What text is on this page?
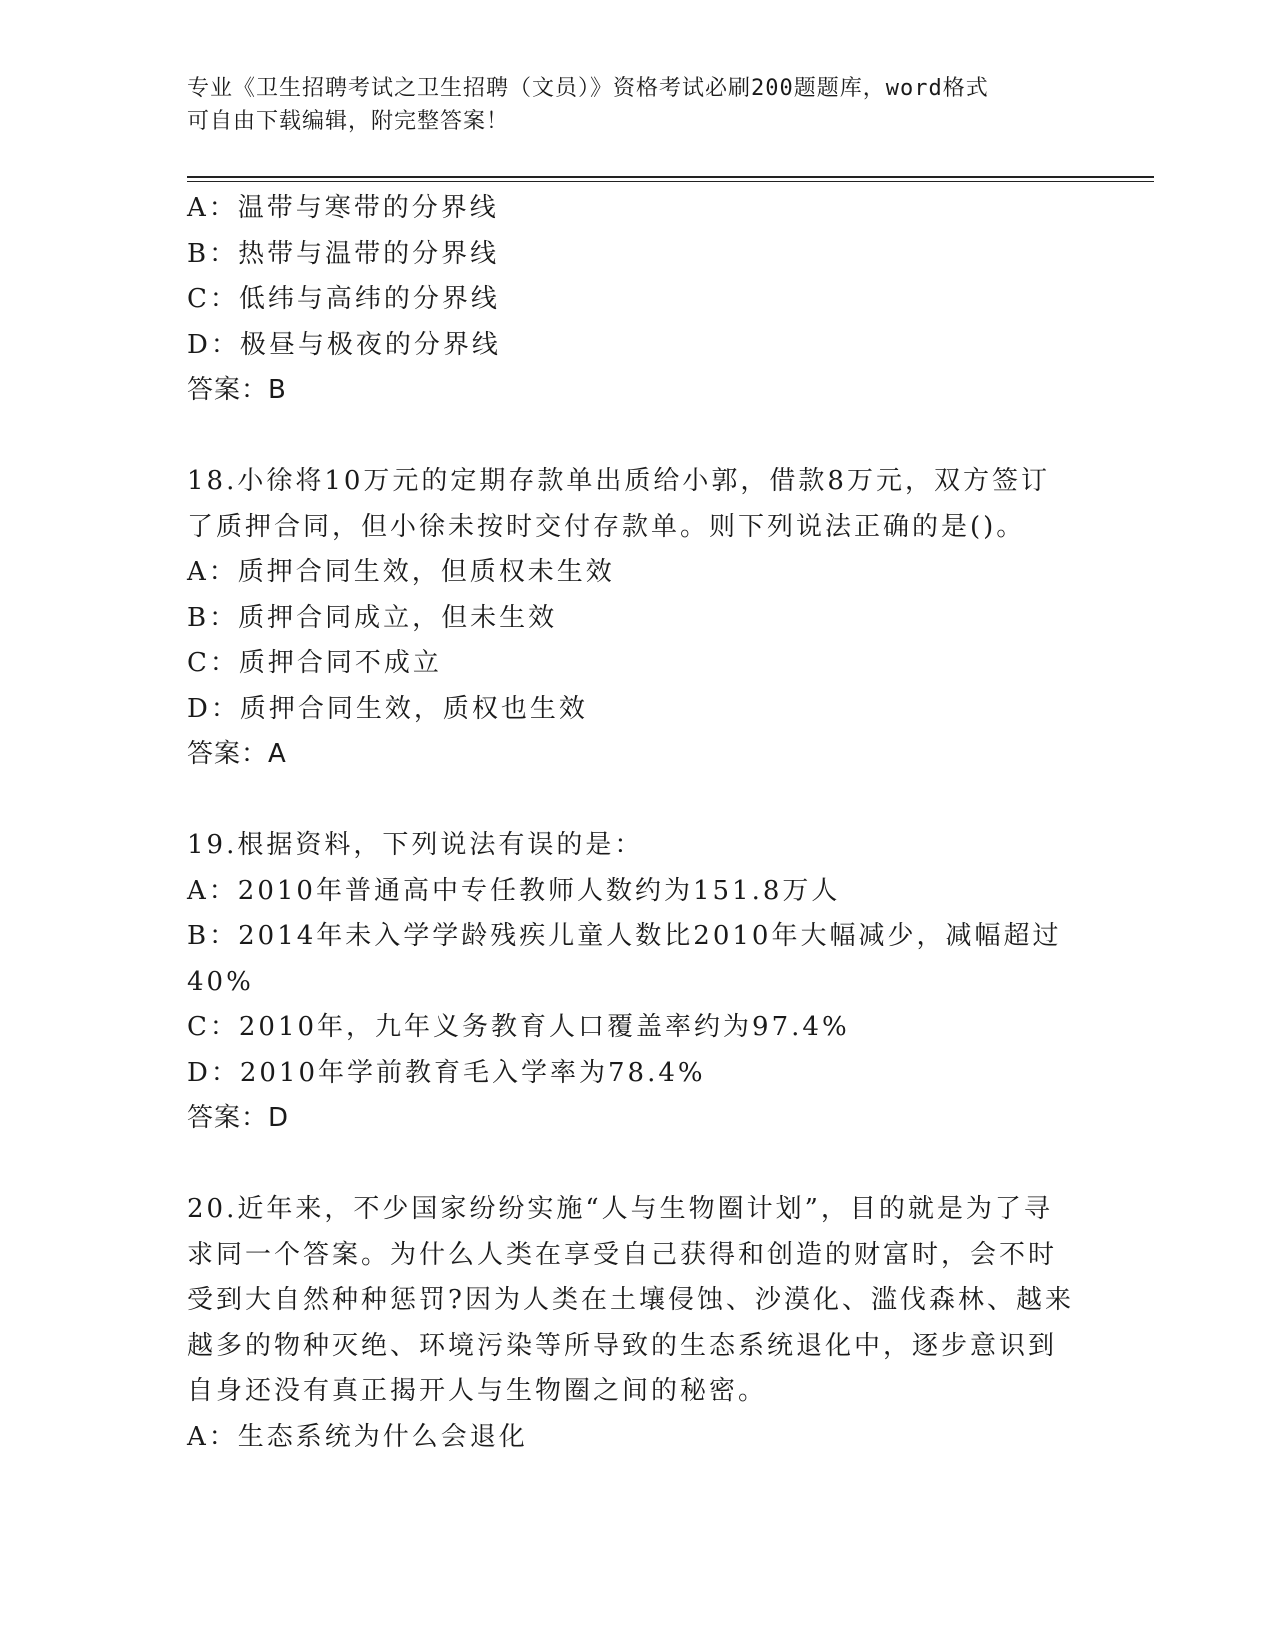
专业《卫生招聘考试之卫生招聘（文员）》资格考试必刷200题题库，word格式
可自由下载编辑，附完整答案！
A：温带与寒带的分界线
B：热带与温带的分界线
C：低纬与高纬的分界线
D：极昼与极夜的分界线
答案：B
18.小徐将10万元的定期存款单出质给小郭，借款8万元，双方签订
了质押合同，但小徐未按时交付存款单。则下列说法正确的是()。
A：质押合同生效，但质权未生效
B：质押合同成立，但未生效
C：质押合同不成立
D：质押合同生效，质权也生效
答案：A
19.根据资料，下列说法有误的是：
A：2010年普通高中专任教师人数约为151.8万人
B：2014年未入学学龄残疾儿童人数比2010年大幅减少，减幅超过
40%
C：2010年，九年义务教育人口覆盖率约为97.4%
D：2010年学前教育毛入学率为78.4%
答案：D
20.近年来，不少国家纷纷实施“人与生物圈计划”，目的就是为了寻
求同一个答案。为什么人类在享受自己获得和创造的财富时，会不时
受到大自然种种惩罚?因为人类在土壤侵蚀、沙漠化、滥伐森林、越来
越多的物种灭绝、环境污染等所导致的生态系统退化中，逐步意识到
自身还没有真正揭开人与生物圈之间的秘密。
A：生态系统为什么会退化
